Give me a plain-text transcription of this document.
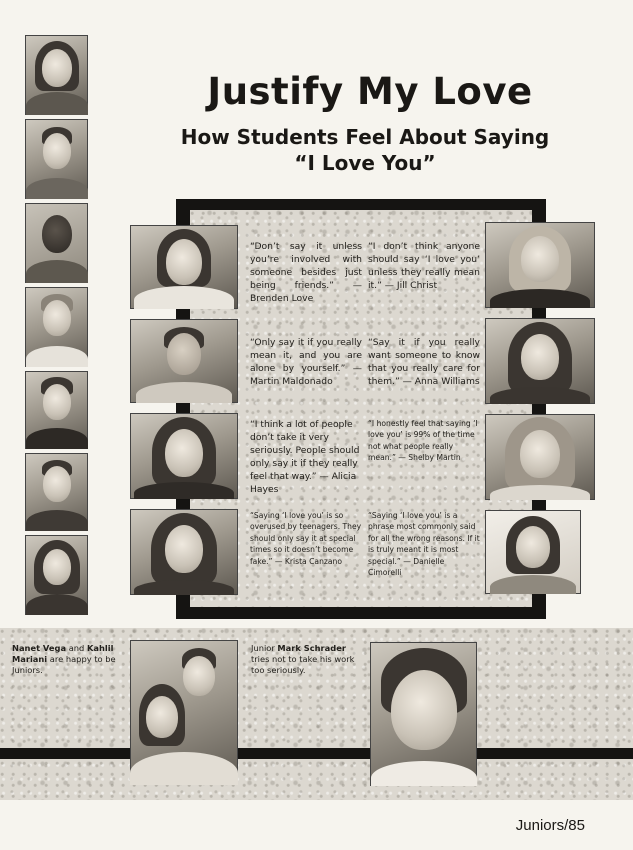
Justify My Love
How Students Feel About Saying
“I Love You”
“Don’t say it unless you’re involved with someone besides just being friends.” — Brenden Love
“I don’t think anyone should say ‘I love you’ unless they really mean it.” — Jill Christ
“Only say it if you really mean it, and you are alone by yourself.” — Martin Maldonado
“Say it if you really want someone to know that you really care for them.” — Anna Williams
“I think a lot of people don’t take it very seriously. People should only say it if they really feel that way.” — Alicia Hayes
“I honestly feel that saying ‘I love you’ is 99% of the time not what people really mean.” — Shelby Martin
“Saying ‘I love you’ is so overused by teenagers. They should only say it at special times so it doesn’t become fake.” — Krista Canzano
“Saying ‘I love you’ is a phrase most commonly said for all the wrong reasons. If it is truly meant it is most special.” — Danielle Cimorelli
Nanet Vega and Kahlil Mariani are happy to be Juniors.
Junior Mark Schrader tries not to take his work too seriously.
Juniors/85
